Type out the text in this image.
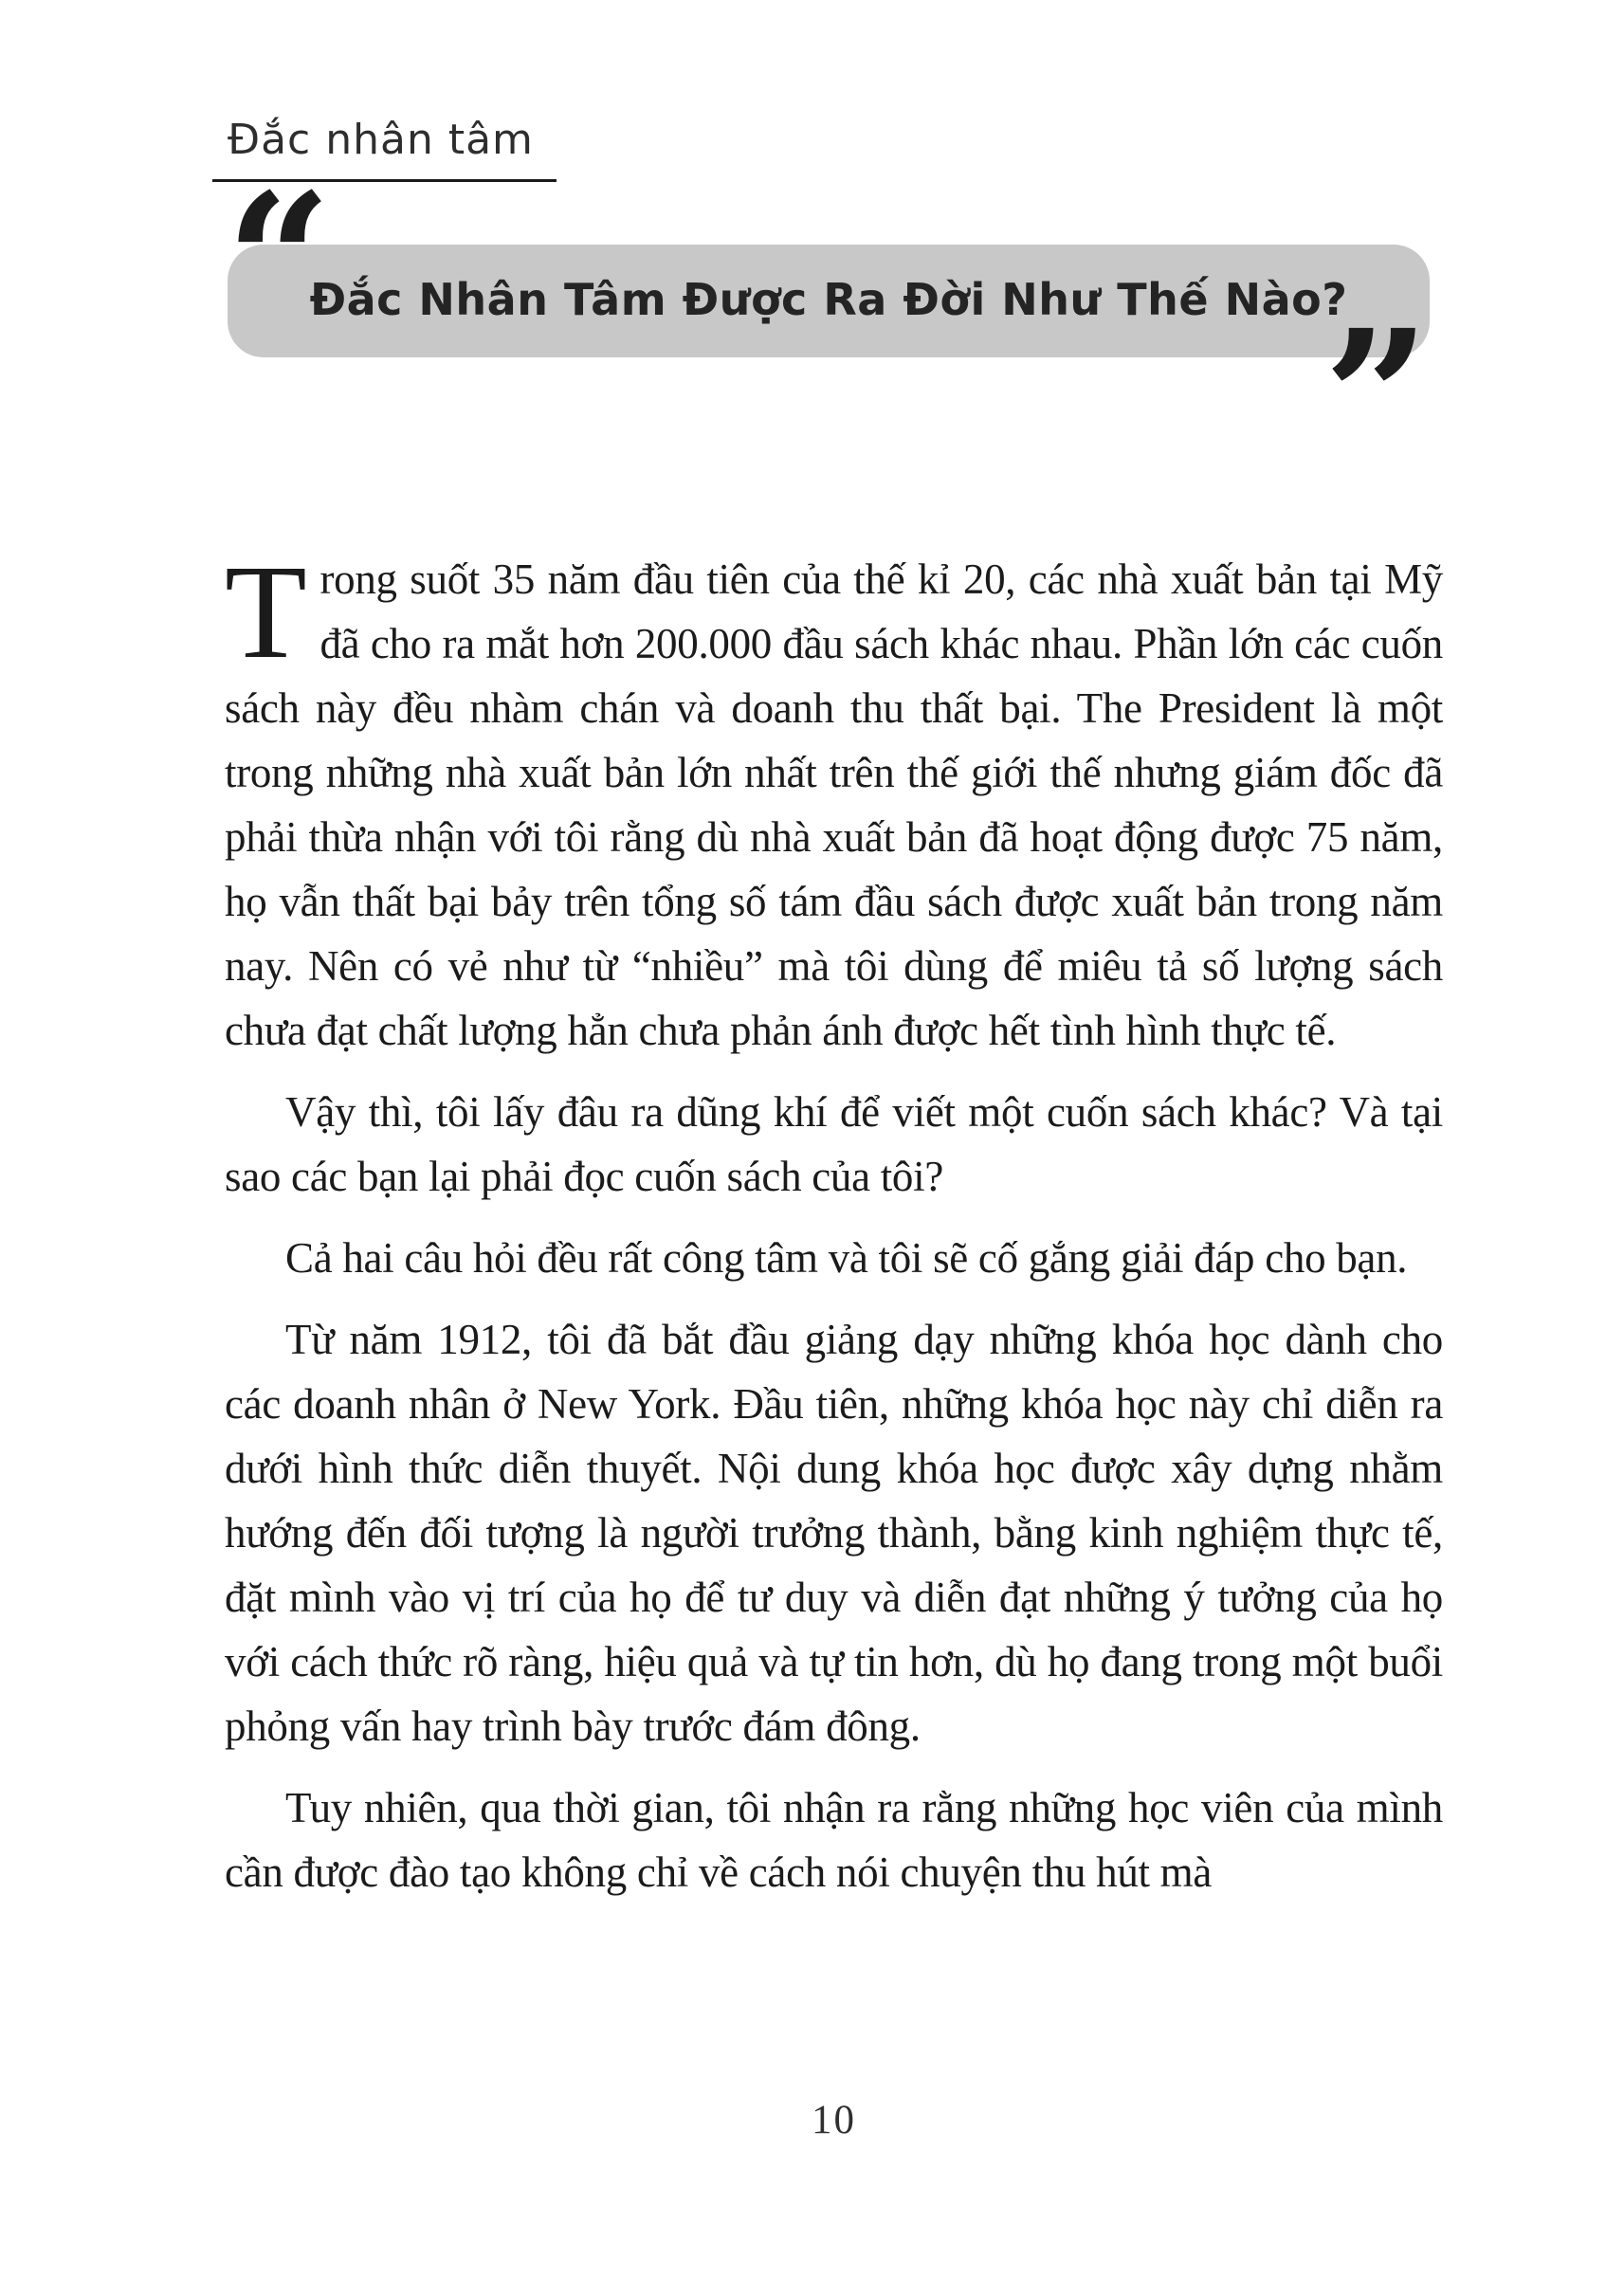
Đắc nhân tâm
“
Đắc Nhân Tâm Được Ra Đời Như Thế Nào?
”

Trong suốt 35 năm đầu tiên của thế kỉ 20, các nhà xuất bản tại Mỹ đã cho ra mắt hơn 200.000 đầu sách khác nhau. Phần lớn các cuốn sách này đều nhàm chán và doanh thu thất bại. The President là một trong những nhà xuất bản lớn nhất trên thế giới thế nhưng giám đốc đã phải thừa nhận với tôi rằng dù nhà xuất bản đã hoạt động được 75 năm, họ vẫn thất bại bảy trên tổng số tám đầu sách được xuất bản trong năm nay. Nên có vẻ như từ “nhiều” mà tôi dùng để miêu tả số lượng sách chưa đạt chất lượng hẳn chưa phản ánh được hết tình hình thực tế.

Vậy thì, tôi lấy đâu ra dũng khí để viết một cuốn sách khác? Và tại sao các bạn lại phải đọc cuốn sách của tôi?

Cả hai câu hỏi đều rất công tâm và tôi sẽ cố gắng giải đáp cho bạn.

Từ năm 1912, tôi đã bắt đầu giảng dạy những khóa học dành cho các doanh nhân ở New York. Đầu tiên, những khóa học này chỉ diễn ra dưới hình thức diễn thuyết. Nội dung khóa học được xây dựng nhằm hướng đến đối tượng là người trưởng thành, bằng kinh nghiệm thực tế, đặt mình vào vị trí của họ để tư duy và diễn đạt những ý tưởng của họ với cách thức rõ ràng, hiệu quả và tự tin hơn, dù họ đang trong một buổi phỏng vấn hay trình bày trước đám đông.

Tuy nhiên, qua thời gian, tôi nhận ra rằng những học viên của mình cần được đào tạo không chỉ về cách nói chuyện thu hút mà

10
